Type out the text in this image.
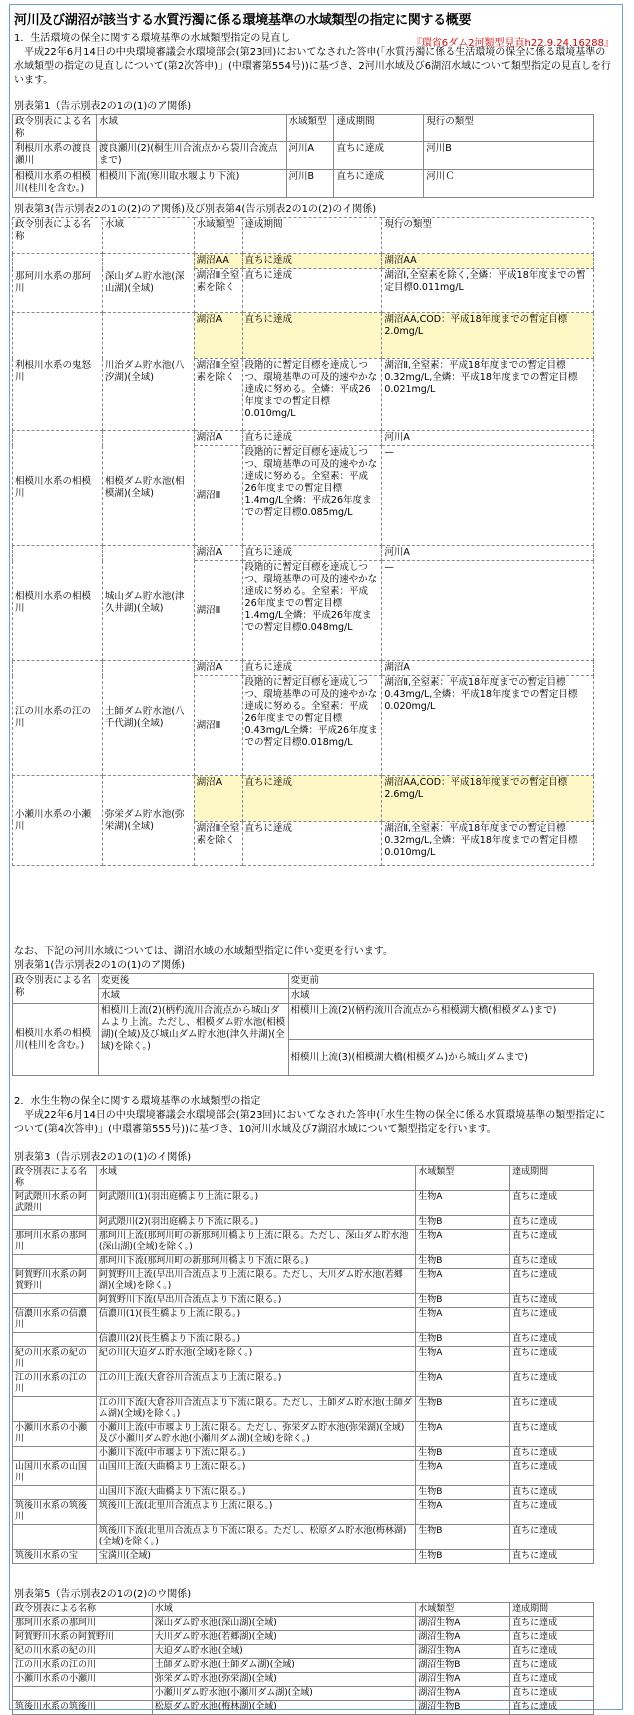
河川及び湖沼が該当する水質汚濁に係る環境基準の水域類型の指定に関する概要
『環省6ダム2河類型見直h22.9.24.16288』
1．生活環境の保全に関する環境基準の水域類型指定の見直し
　平成22年6月14日の中央環境審議会水環境部会(第23回)においてなされた答申(「水質汚濁に係る生活環境の保全に係る環境基準の水域類型の指定の見直しについて(第2次答申)」(中環審第554号))に基づき、2河川水域及び6湖沼水域について類型指定の見直しを行います。
別表第1（告示別表2の1の(1)のア関係)
政令別表による名称	水域	水域類型	達成期間	現行の類型
利根川水系の渡良瀬川	渡良瀬川(2)(桐生川合流点から袋川合流点まで)	河川A	直ちに達成	河川B
相模川水系の相模川(桂川を含む。)	相模川下流(寒川取水堰より下流)	河川B	直ちに達成	河川Ｃ
別表第3(告示別表2の1の(2)のア関係)及び別表第4(告示別表2の1の(2)のイ関係)
政令別表による名称	水域	水域類型	達成期間	現行の類型
那珂川水系の那珂川	深山ダム貯水池(深山湖)(全域)	湖沼AA	直ちに達成	湖沼AA
		湖沼Ⅱ全窒素を除く	直ちに達成	湖沼Ⅰ,全窒素を除く,全燐：平成18年度までの暫定目標0.011mg/L
利根川水系の鬼怒川	川治ダム貯水池(八汐湖)(全域)	湖沼A	直ちに達成	湖沼AA,COD：平成18年度までの暫定目標2.0mg/L
		湖沼Ⅱ全窒素を除く	段階的に暫定目標を達成しつつ、環境基準の可及的速やかな達成に努める。全燐：平成26年度までの暫定目標0.010mg/L	湖沼Ⅱ,全窒素：平成18年度までの暫定目標0.32mg/L,全燐：平成18年度までの暫定目標0.021mg/L
相模川水系の相模川	相模ダム貯水池(相模湖)(全域)	湖沼A	直ちに達成	河川A
		湖沼Ⅱ	段階的に暫定目標を達成しつつ、環境基準の可及的速やかな達成に努める。全窒素：平成26年度までの暫定目標1.4mg/L全燐：平成26年度までの暫定目標0.085mg/L	—
相模川水系の相模川	城山ダム貯水池(津久井湖)(全域)	湖沼A	直ちに達成	河川A
		湖沼Ⅱ	段階的に暫定目標を達成しつつ、環境基準の可及的速やかな達成に努める。全窒素：平成26年度までの暫定目標1.4mg/L全燐：平成26年度までの暫定目標0.048mg/L	—
江の川水系の江の川	土師ダム貯水池(八千代湖)(全域)	湖沼A	直ちに達成	湖沼A
		湖沼Ⅱ	段階的に暫定目標を達成しつつ、環境基準の可及的速やかな達成に努める。全窒素：平成26年度までの暫定目標0.43mg/L全燐：平成26年度までの暫定目標0.018mg/L	湖沼Ⅱ,全窒素：平成18年度までの暫定目標0.43mg/L,全燐：平成18年度までの暫定目標0.020mg/L
小瀬川水系の小瀬川	弥栄ダム貯水池(弥栄湖)(全域)	湖沼A	直ちに達成	湖沼AA,COD：平成18年度までの暫定目標2.6mg/L
		湖沼Ⅱ全窒素を除く	直ちに達成	湖沼Ⅱ,全窒素：平成18年度までの暫定目標0.32mg/L,全燐：平成18年度までの暫定目標0.010mg/L
なお、下記の河川水域については、湖沼水域の水域類型指定に伴い変更を行います。
別表第1(告示別表2の1の(1)のア関係)
政令別表による名称	変更後	変更前
	水域	水域
相模川水系の相模川(桂川を含む。)	相模川上流(2)(柄杓流川合流点から城山ダムより上流。ただし、相模ダム貯水池(相模湖)(全域)及び城山ダム貯水池(津久井湖)(全域)を除く。)	相模川上流(2)(柄杓流川合流点から相模湖大橋(相模ダム)まで)
		相模川上流(3)(相模湖大橋(相模ダム)から城山ダムまで)
2．水生生物の保全に関する環境基準の水域類型の指定
　平成22年6月14日の中央環境審議会水環境部会(第23回)においてなされた答申(「水生生物の保全に係る水質環境基準の類型指定について(第4次答申)」(中環審第555号))に基づき、10河川水域及び7湖沼水域について類型指定を行います。
別表第3（告示別表2の1の(1)のイ関係)
政令別表による名称	水域	水域類型	達成期間
阿武隈川水系の阿武隈川	阿武隈川(1)(羽出庭橋より上流に限る。)	生物A	直ちに達成
	阿武隈川(2)(羽出庭橋より下流に限る。)	生物B	直ちに達成
那珂川水系の那珂川	那珂川上流(那珂川町の新那珂川橋より上流に限る。ただし、深山ダム貯水池(深山湖)(全域)を除く。)	生物A	直ちに達成
	那珂川下流(那珂川町の新那珂川橋より下流に限る。)	生物B	直ちに達成
阿賀野川水系の阿賀野川	阿賀野川上流(早出川合流点より上流に限る。ただし、大川ダム貯水池(若郷湖)(全域)を除く。)	生物A	直ちに達成
	阿賀野川下流(早出川合流点より下流に限る。)	生物B	直ちに達成
信濃川水系の信濃川	信濃川(1)(長生橋より上流に限る。)	生物A	直ちに達成
	信濃川(2)(長生橋より下流に限る。)	生物B	直ちに達成
紀の川水系の紀の川	紀の川(大迫ダム貯水池(全域)を除く。)	生物A	直ちに達成
江の川水系の江の川	江の川上流(大倉谷川合流点より上流に限る。)	生物A	直ちに達成
	江の川下流(大倉谷川合流点より下流に限る。ただし、土師ダム貯水池(土師ダム湖)(全域)を除く。)	生物B	直ちに達成
小瀬川水系の小瀬川	小瀬川上流(中市堰より上流に限る。ただし、弥栄ダム貯水池(弥栄湖)(全域)及び小瀬川ダム貯水池(小瀬川ダム湖)(全域)を除く。)	生物A	直ちに達成
	小瀬川下流(中市堰より下流に限る。)	生物B	直ちに達成
山国川水系の山国川	山国川上流(大曲橋より上流に限る。)	生物A	直ちに達成
	山国川下流(大曲橋より下流に限る。)	生物B	直ちに達成
筑後川水系の筑後川	筑後川上流(北里川合流点より上流に限る。)	生物A	直ちに達成
	筑後川下流(北里川合流点より下流に限る。ただし、松原ダム貯水池(梅林湖)(全域)を除く。)	生物B	直ちに達成
筑後川水系の宝	宝満川(全域)	生物B	直ちに達成
別表第5（告示別表2の1の(2)のウ関係)
政令別表による名称	水域	水域類型	達成期間
那珂川水系の那珂川	深山ダム貯水池(深山湖)(全域)	湖沼生物A	直ちに達成
阿賀野川水系の阿賀野川	大川ダム貯水池(若郷湖)(全域)	湖沼生物A	直ちに達成
紀の川水系の紀の川	大迫ダム貯水池(全域)	湖沼生物A	直ちに達成
江の川水系の江の川	土師ダム貯水池(土師ダム湖)(全域)	湖沼生物B	直ちに達成
小瀬川水系の小瀬川	弥栄ダム貯水池(弥栄湖)(全域)	湖沼生物A	直ちに達成
	小瀬川ダム貯水池(小瀬川ダム湖)(全域)	湖沼生物A	直ちに達成
筑後川水系の筑後川	松原ダム貯水池(梅林湖)(全域)	湖沼生物B	直ちに達成
